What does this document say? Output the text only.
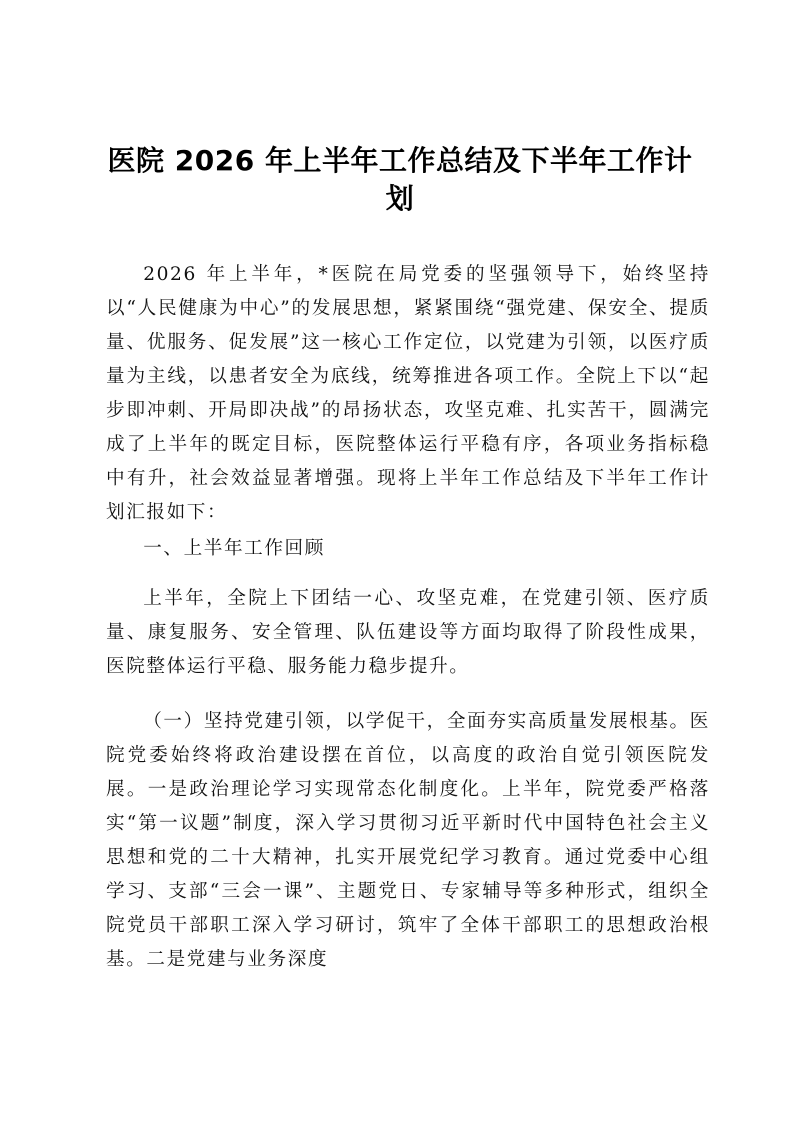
医院 2026 年上半年工作总结及下半年工作计划

2026 年上半年，*医院在局党委的坚强领导下，始终坚持以“人民健康为中心”的发展思想，紧紧围绕“强党建、保安全、提质量、优服务、促发展”这一核心工作定位，以党建为引领，以医疗质量为主线，以患者安全为底线，统筹推进各项工作。全院上下以“起步即冲刺、开局即决战”的昂扬状态，攻坚克难、扎实苦干，圆满完成了上半年的既定目标，医院整体运行平稳有序，各项业务指标稳中有升，社会效益显著增强。现将上半年工作总结及下半年工作计划汇报如下：

一、上半年工作回顾

上半年，全院上下团结一心、攻坚克难，在党建引领、医疗质量、康复服务、安全管理、队伍建设等方面均取得了阶段性成果，医院整体运行平稳、服务能力稳步提升。

（一）坚持党建引领，以学促干，全面夯实高质量发展根基。医院党委始终将政治建设摆在首位，以高度的政治自觉引领医院发展。一是政治理论学习实现常态化制度化。上半年，院党委严格落实“第一议题”制度，深入学习贯彻习近平新时代中国特色社会主义思想和党的二十大精神，扎实开展党纪学习教育。通过党委中心组学习、支部“三会一课”、主题党日、专家辅导等多种形式，组织全院党员干部职工深入学习研讨，筑牢了全体干部职工的思想政治根基。二是党建与业务深度
